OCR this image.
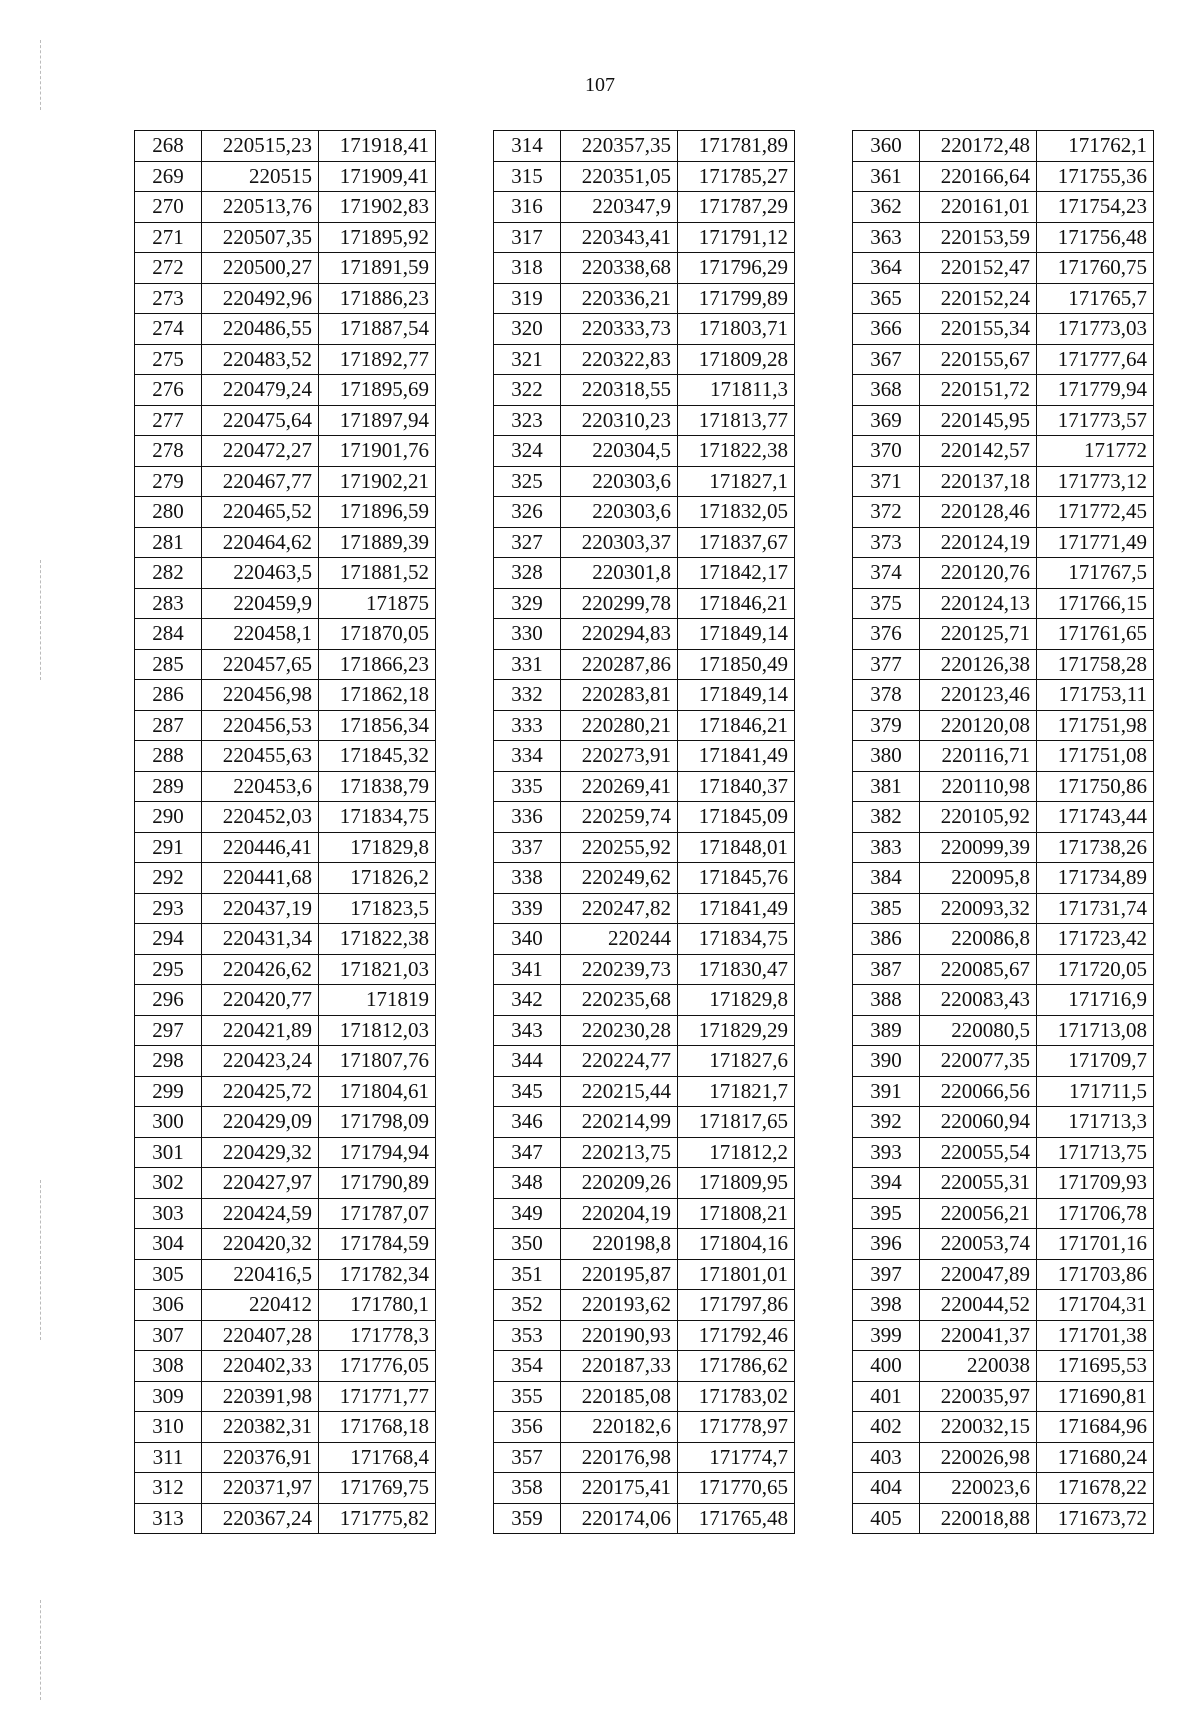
107
268	220515,23	171918,41
269	220515	171909,41
270	220513,76	171902,83
271	220507,35	171895,92
272	220500,27	171891,59
273	220492,96	171886,23
274	220486,55	171887,54
275	220483,52	171892,77
276	220479,24	171895,69
277	220475,64	171897,94
278	220472,27	171901,76
279	220467,77	171902,21
280	220465,52	171896,59
281	220464,62	171889,39
282	220463,5	171881,52
283	220459,9	171875
284	220458,1	171870,05
285	220457,65	171866,23
286	220456,98	171862,18
287	220456,53	171856,34
288	220455,63	171845,32
289	220453,6	171838,79
290	220452,03	171834,75
291	220446,41	171829,8
292	220441,68	171826,2
293	220437,19	171823,5
294	220431,34	171822,38
295	220426,62	171821,03
296	220420,77	171819
297	220421,89	171812,03
298	220423,24	171807,76
299	220425,72	171804,61
300	220429,09	171798,09
301	220429,32	171794,94
302	220427,97	171790,89
303	220424,59	171787,07
304	220420,32	171784,59
305	220416,5	171782,34
306	220412	171780,1
307	220407,28	171778,3
308	220402,33	171776,05
309	220391,98	171771,77
310	220382,31	171768,18
311	220376,91	171768,4
312	220371,97	171769,75
313	220367,24	171775,82
314	220357,35	171781,89
315	220351,05	171785,27
316	220347,9	171787,29
317	220343,41	171791,12
318	220338,68	171796,29
319	220336,21	171799,89
320	220333,73	171803,71
321	220322,83	171809,28
322	220318,55	171811,3
323	220310,23	171813,77
324	220304,5	171822,38
325	220303,6	171827,1
326	220303,6	171832,05
327	220303,37	171837,67
328	220301,8	171842,17
329	220299,78	171846,21
330	220294,83	171849,14
331	220287,86	171850,49
332	220283,81	171849,14
333	220280,21	171846,21
334	220273,91	171841,49
335	220269,41	171840,37
336	220259,74	171845,09
337	220255,92	171848,01
338	220249,62	171845,76
339	220247,82	171841,49
340	220244	171834,75
341	220239,73	171830,47
342	220235,68	171829,8
343	220230,28	171829,29
344	220224,77	171827,6
345	220215,44	171821,7
346	220214,99	171817,65
347	220213,75	171812,2
348	220209,26	171809,95
349	220204,19	171808,21
350	220198,8	171804,16
351	220195,87	171801,01
352	220193,62	171797,86
353	220190,93	171792,46
354	220187,33	171786,62
355	220185,08	171783,02
356	220182,6	171778,97
357	220176,98	171774,7
358	220175,41	171770,65
359	220174,06	171765,48
360	220172,48	171762,1
361	220166,64	171755,36
362	220161,01	171754,23
363	220153,59	171756,48
364	220152,47	171760,75
365	220152,24	171765,7
366	220155,34	171773,03
367	220155,67	171777,64
368	220151,72	171779,94
369	220145,95	171773,57
370	220142,57	171772
371	220137,18	171773,12
372	220128,46	171772,45
373	220124,19	171771,49
374	220120,76	171767,5
375	220124,13	171766,15
376	220125,71	171761,65
377	220126,38	171758,28
378	220123,46	171753,11
379	220120,08	171751,98
380	220116,71	171751,08
381	220110,98	171750,86
382	220105,92	171743,44
383	220099,39	171738,26
384	220095,8	171734,89
385	220093,32	171731,74
386	220086,8	171723,42
387	220085,67	171720,05
388	220083,43	171716,9
389	220080,5	171713,08
390	220077,35	171709,7
391	220066,56	171711,5
392	220060,94	171713,3
393	220055,54	171713,75
394	220055,31	171709,93
395	220056,21	171706,78
396	220053,74	171701,16
397	220047,89	171703,86
398	220044,52	171704,31
399	220041,37	171701,38
400	220038	171695,53
401	220035,97	171690,81
402	220032,15	171684,96
403	220026,98	171680,24
404	220023,6	171678,22
405	220018,88	171673,72
